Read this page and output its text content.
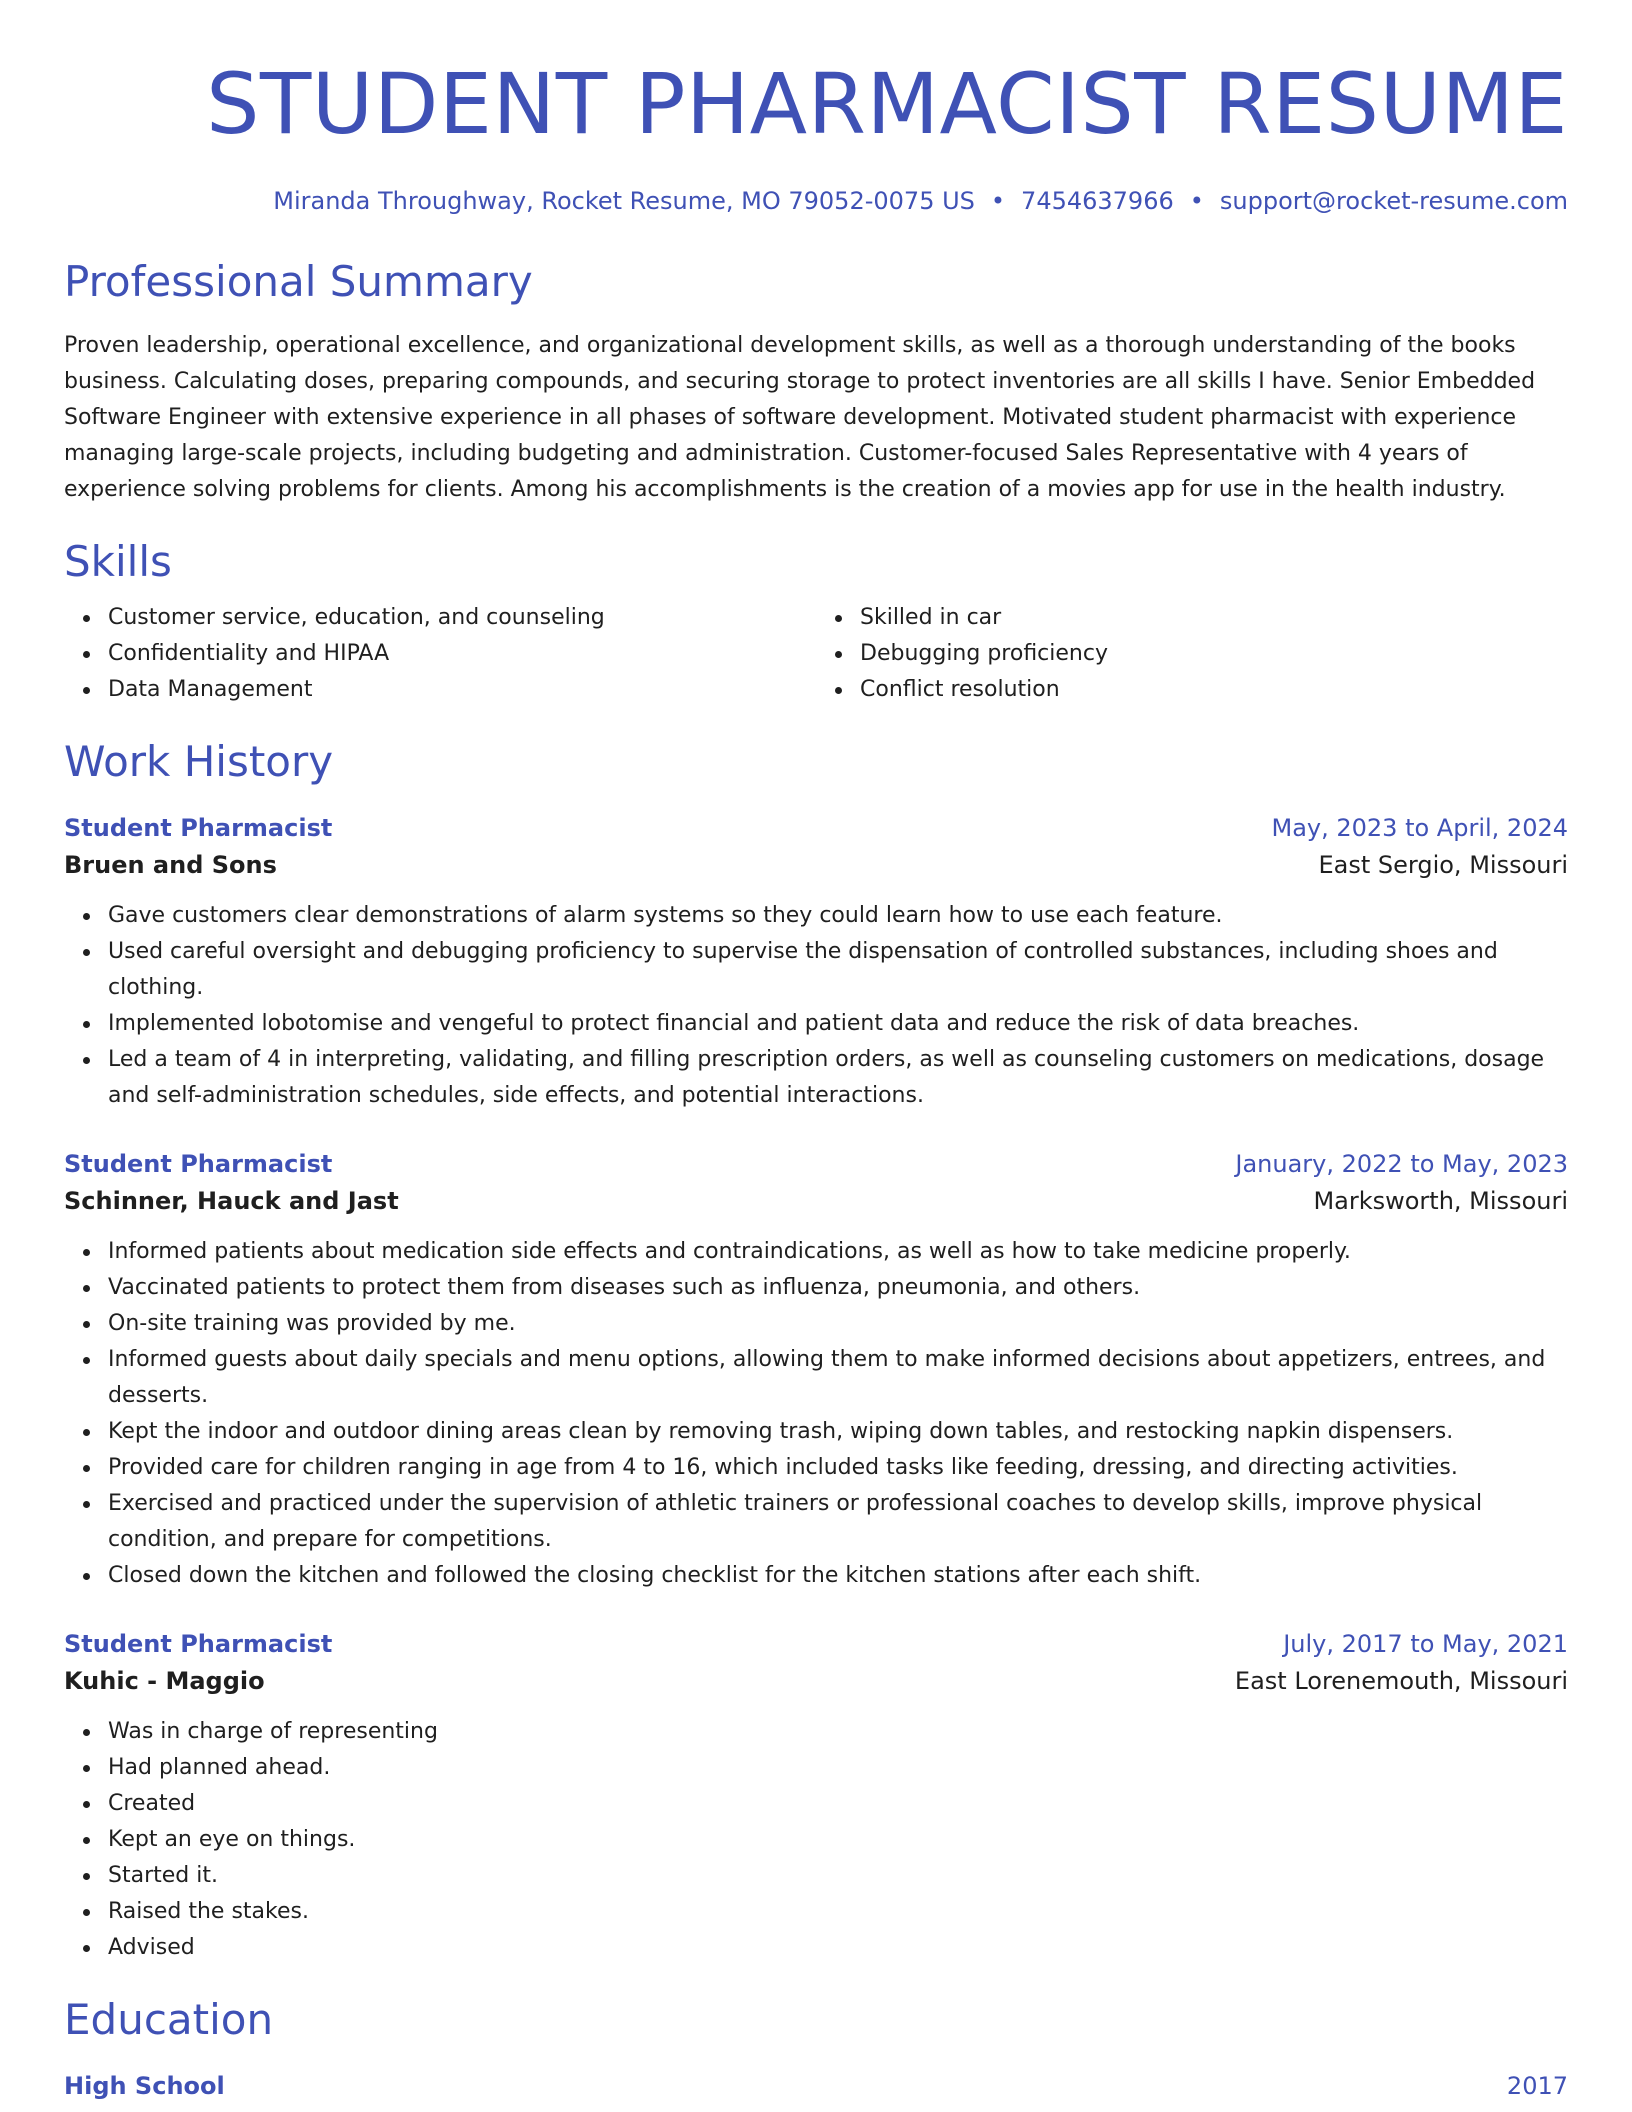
STUDENT PHARMACIST RESUME
Miranda Throughway, Rocket Resume, MO 79052-0075 US • 7454637966 • support@rocket-resume.com
Professional Summary
Proven leadership, operational excellence, and organizational development skills, as well as a thorough understanding of the books business. Calculating doses, preparing compounds, and securing storage to protect inventories are all skills I have. Senior Embedded Software Engineer with extensive experience in all phases of software development. Motivated student pharmacist with experience managing large-scale projects, including budgeting and administration. Customer-focused Sales Representative with 4 years of experience solving problems for clients. Among his accomplishments is the creation of a movies app for use in the health industry.
Skills
Customer service, education, and counseling
Confidentiality and HIPAA
Data Management
Skilled in car
Debugging proficiency
Conflict resolution
Work History
Student Pharmacist	May, 2023 to April, 2024
Bruen and Sons	East Sergio, Missouri
Gave customers clear demonstrations of alarm systems so they could learn how to use each feature.
Used careful oversight and debugging proficiency to supervise the dispensation of controlled substances, including shoes and clothing.
Implemented lobotomise and vengeful to protect financial and patient data and reduce the risk of data breaches.
Led a team of 4 in interpreting, validating, and filling prescription orders, as well as counseling customers on medications, dosage and self-administration schedules, side effects, and potential interactions.
Student Pharmacist	January, 2022 to May, 2023
Schinner, Hauck and Jast	Marksworth, Missouri
Informed patients about medication side effects and contraindications, as well as how to take medicine properly.
Vaccinated patients to protect them from diseases such as influenza, pneumonia, and others.
On-site training was provided by me.
Informed guests about daily specials and menu options, allowing them to make informed decisions about appetizers, entrees, and desserts.
Kept the indoor and outdoor dining areas clean by removing trash, wiping down tables, and restocking napkin dispensers.
Provided care for children ranging in age from 4 to 16, which included tasks like feeding, dressing, and directing activities.
Exercised and practiced under the supervision of athletic trainers or professional coaches to develop skills, improve physical condition, and prepare for competitions.
Closed down the kitchen and followed the closing checklist for the kitchen stations after each shift.
Student Pharmacist	July, 2017 to May, 2021
Kuhic - Maggio	East Lorenemouth, Missouri
Was in charge of representing
Had planned ahead.
Created
Kept an eye on things.
Started it.
Raised the stakes.
Advised
Education
High School	2017
